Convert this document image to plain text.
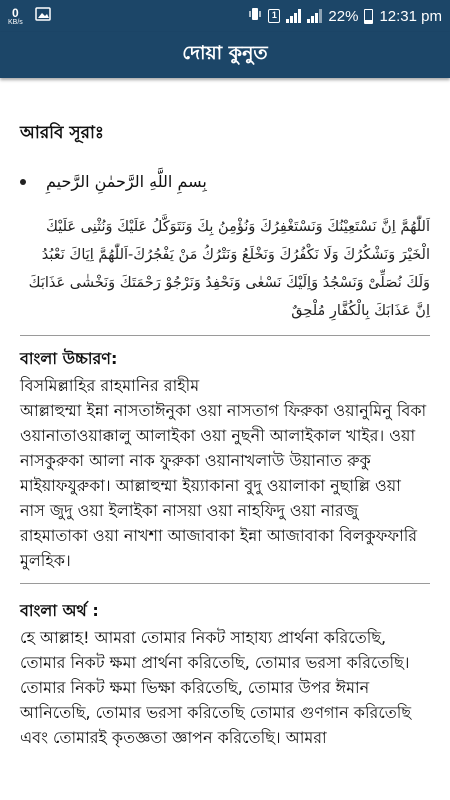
0
KB/s
1	22% 12:31 pm
দোয়া কুনুত
আরবি সূরাঃ
بِسمِ اللَّهِ الرَّحمٰنِ الرَّحيمِ
اَللّٰهُمَّ اِنَّ نَسْتَعِيْنُكَ وَنَسْتَغْفِرُكَ وَنُؤْمِنُ بِكَ وَنَتَوَكَّلُ عَلَيْكَ وَنُثْنِى عَلَيْكَ الْخَيْرَ وَنَشْكُرُكَ وَلَا نَكْفُرُكَ وَنَخْلَعُ وَنَتْرُكُ مَنْ يَفْجُرُكَ-اَللّٰهُمَّ اِيَاكَ نَعْبُدُ وَلَكَ نُصَلِّىْ وَنَسْجُدُ وَاِلَيْكَ نَسْعٰى وَنَحْفِدُ وَنَرْجُوْ رَحْمَتَكَ وَنَخْشٰى عَذَابَكَ اِنَّ عَذَابَكَ بِالْكُفَّارِ مُلْحِقٌ
বাংলা উচ্চারণ:
বিসমিল্লাহির রাহমানির রাহীম
আল্লাহুম্মা ইন্না নাসতাঈনুকা ওয়া নাসতাগ ফিরুকা ওয়ানুমিনু বিকা ওয়ানাতাওয়াক্কালু আলাইকা ওয়া নুছনী আলাইকাল খাইর। ওয়া নাসকুরুকা আলা নাক ফুরুকা ওয়ানাখলাউ উয়ানাত রুকু মাইয়াফযুরুকা। আল্লাহুম্মা ইয়্যাকানা বুদু ওয়ালাকা নুছাল্লি ওয়া নাস জুদু ওয়া ইলাইকা নাসয়া ওয়া নাহফিদু ওয়া নারজু রাহমাতাকা ওয়া নাখশা আজাবাকা ইন্না আজাবাকা বিলকুফফারি মুলহিক।
বাংলা অর্থ :
হে আল্লাহ! আমরা তোমার নিকট সাহায্য প্রার্থনা করিতেছি, তোমার নিকট ক্ষমা প্রার্থনা করিতেছি, তোমার ভরসা করিতেছি। তোমার নিকট ক্ষমা ভিক্ষা করিতেছি, তোমার উপর ঈমান আনিতেছি, তোমার ভরসা করিতেছি তোমার গুণগান করিতেছি এবং তোমারই কৃতজ্ঞতা জ্ঞাপন করিতেছি। আমরা
